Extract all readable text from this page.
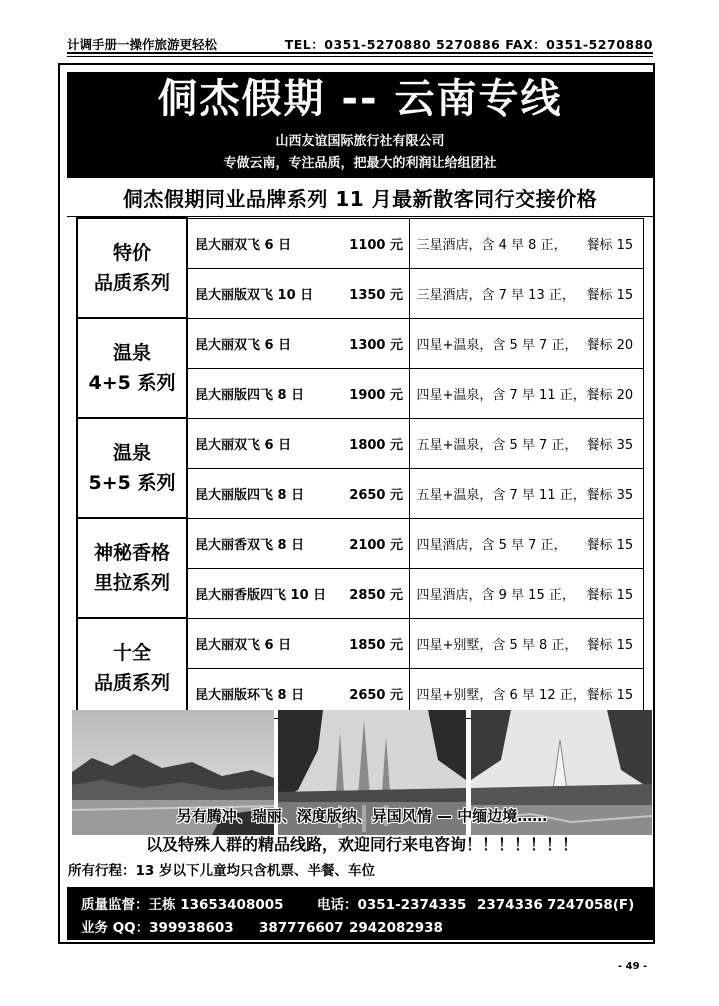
计调手册一操作旅游更轻松	TEL：0351-5270880 5270886 FAX：0351-5270880
侗杰假期 -- 云南专线
山西友谊国际旅行社有限公司
专做云南，专注品质，把最大的利润让给组团社
侗杰假期同业品牌系列 11 月最新散客同行交接价格
特价
品质系列	昆大丽双飞 6 日 1100 元	三星酒店，含 4 早 8 正， 餐标 15
	昆大丽版双飞 10 日 1350 元	三星酒店，含 7 早 13 正， 餐标 15

温泉
4+5 系列	昆大丽双飞 6 日 1300 元	四星+温泉，含 5 早 7 正， 餐标 20
	昆大丽版四飞 8 日 1900 元	四星+温泉，含 7 早 11 正，餐标 20

温泉
5+5 系列	昆大丽双飞 6 日 1800 元	五星+温泉，含 5 早 7 正， 餐标 35
	昆大丽版四飞 8 日 2650 元	五星+温泉，含 7 早 11 正，餐标 35

神秘香格
里拉系列	昆大丽香双飞 8 日 2100 元	四星酒店，含 5 早 7 正， 餐标 15
	昆大丽香版四飞 10 日 2850 元	四星酒店，含 9 早 15 正， 餐标 15

十全
品质系列	昆大丽双飞 6 日 1850 元	四星+别墅，含 5 早 8 正， 餐标 15
	昆大丽版环飞 8 日 2650 元	四星+别墅，含 6 早 12 正，餐标 15
另有腾冲、瑞丽、深度版纳、异国风情 — 中缅边境……
以及特殊人群的精品线路，欢迎同行来电咨询！！！！！！！
所有行程：13 岁以下儿童均只含机票、半餐、车位
质量监督：王栋 13653408005 电话：0351-2374335 2374336 7247058(F)
业务 QQ：399938603 387776607 2942082938
- 49 -
